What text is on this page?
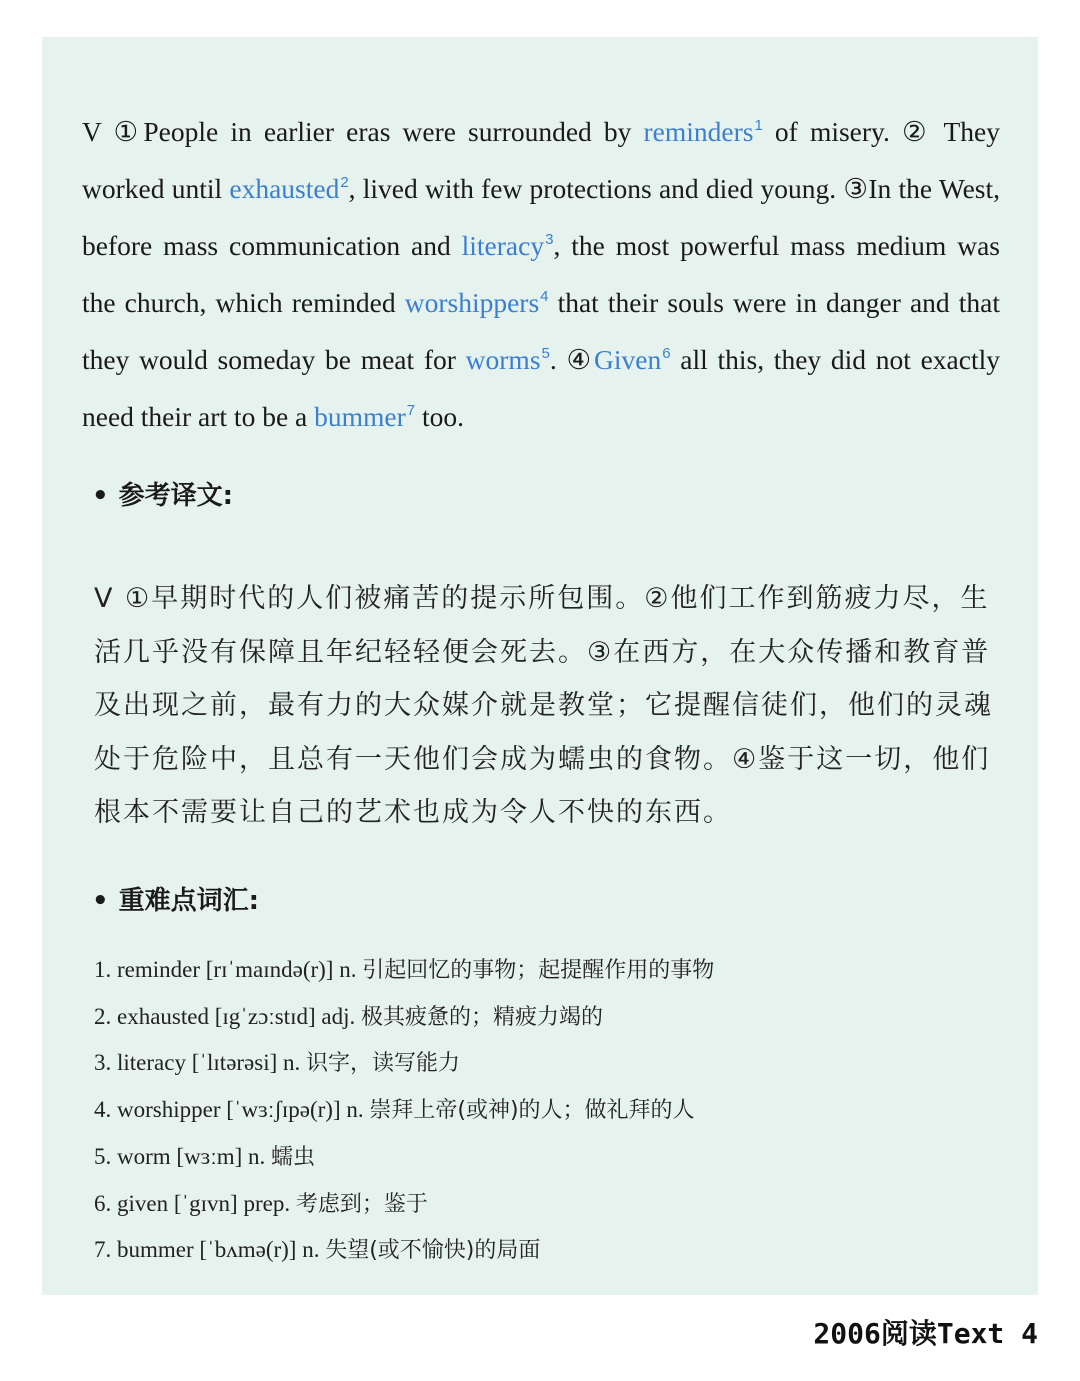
V ①People in earlier eras were surrounded by reminders$^1$ of misery. ② They worked until exhausted$^2$, lived with few protections and died young. ③In the West, before mass communication and literacy$^3$, the most powerful mass medium was the church, which reminded worshippers$^4$ that their souls were in danger and that they would someday be meat for worms$^5$. ④Given$^6$ all this, they did not exactly need their art to be a bummer$^7$ too.

• 参考译文:

V ①早期时代的人们被痛苦的提示所包围。②他们工作到筋疲力尽，生活几乎没有保障且年纪轻轻便会死去。③在西方，在大众传播和教育普及出现之前，最有力的大众媒介就是教堂；它提醒信徒们，他们的灵魂处于危险中，且总有一天他们会成为蠕虫的食物。④鉴于这一切，他们根本不需要让自己的艺术也成为令人不快的东西。

• 重难点词汇:
1. reminder [rɪˈmaɪndə(r)] n. 引起回忆的事物；起提醒作用的事物
2. exhausted [ɪgˈzɔːstɪd] adj. 极其疲惫的；精疲力竭的
3. literacy [ˈlɪtərəsi] n. 识字，读写能力
4. worshipper [ˈwɜːʃɪpə(r)] n. 崇拜上帝(或神)的人；做礼拜的人
5. worm [wɜːm] n. 蠕虫
6. given [ˈgɪvn] prep. 考虑到；鉴于
7. bummer [ˈbʌmə(r)] n. 失望(或不愉快)的局面
2006阅读Text 4
